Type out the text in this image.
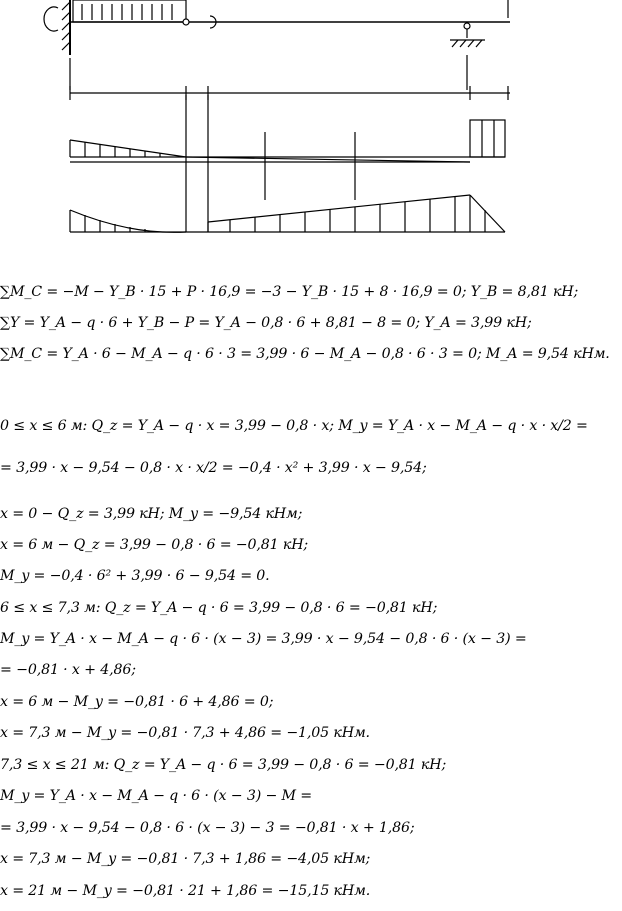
∑M_C = −M − Y_B · 15 + P · 16,9 = −3 − Y_B · 15 + 8 · 16,9 = 0; Y_B = 8,81 кН;
∑Y = Y_A − q · 6 + Y_B − P = Y_A − 0,8 · 6 + 8,81 − 8 = 0; Y_A = 3,99 кН;
∑M_C = Y_A · 6 − M_A − q · 6 · 3 = 3,99 · 6 − M_A − 0,8 · 6 · 3 = 0; M_A = 9,54 кНм.
0 ≤ x ≤ 6 м: Q_z = Y_A − q · x = 3,99 − 0,8 · x; M_y = Y_A · x − M_A − q · x · x/2 =
= 3,99 · x − 9,54 − 0,8 · x · x/2 = −0,4 · x² + 3,99 · x − 9,54;
x = 0 − Q_z = 3,99 кН; M_y = −9,54 кНм;
x = 6 м − Q_z = 3,99 − 0,8 · 6 = −0,81 кН;
M_y = −0,4 · 6² + 3,99 · 6 − 9,54 = 0.
6 ≤ x ≤ 7,3 м: Q_z = Y_A − q · 6 = 3,99 − 0,8 · 6 = −0,81 кН;
M_y = Y_A · x − M_A − q · 6 · (x − 3) = 3,99 · x − 9,54 − 0,8 · 6 · (x − 3) =
= −0,81 · x + 4,86;
x = 6 м − M_y = −0,81 · 6 + 4,86 = 0;
x = 7,3 м − M_y = −0,81 · 7,3 + 4,86 = −1,05 кНм.
7,3 ≤ x ≤ 21 м: Q_z = Y_A − q · 6 = 3,99 − 0,8 · 6 = −0,81 кН;
M_y = Y_A · x − M_A − q · 6 · (x − 3) − M =
= 3,99 · x − 9,54 − 0,8 · 6 · (x − 3) − 3 = −0,81 · x + 1,86;
x = 7,3 м − M_y = −0,81 · 7,3 + 1,86 = −4,05 кНм;
x = 21 м − M_y = −0,81 · 21 + 1,86 = −15,15 кНм.
